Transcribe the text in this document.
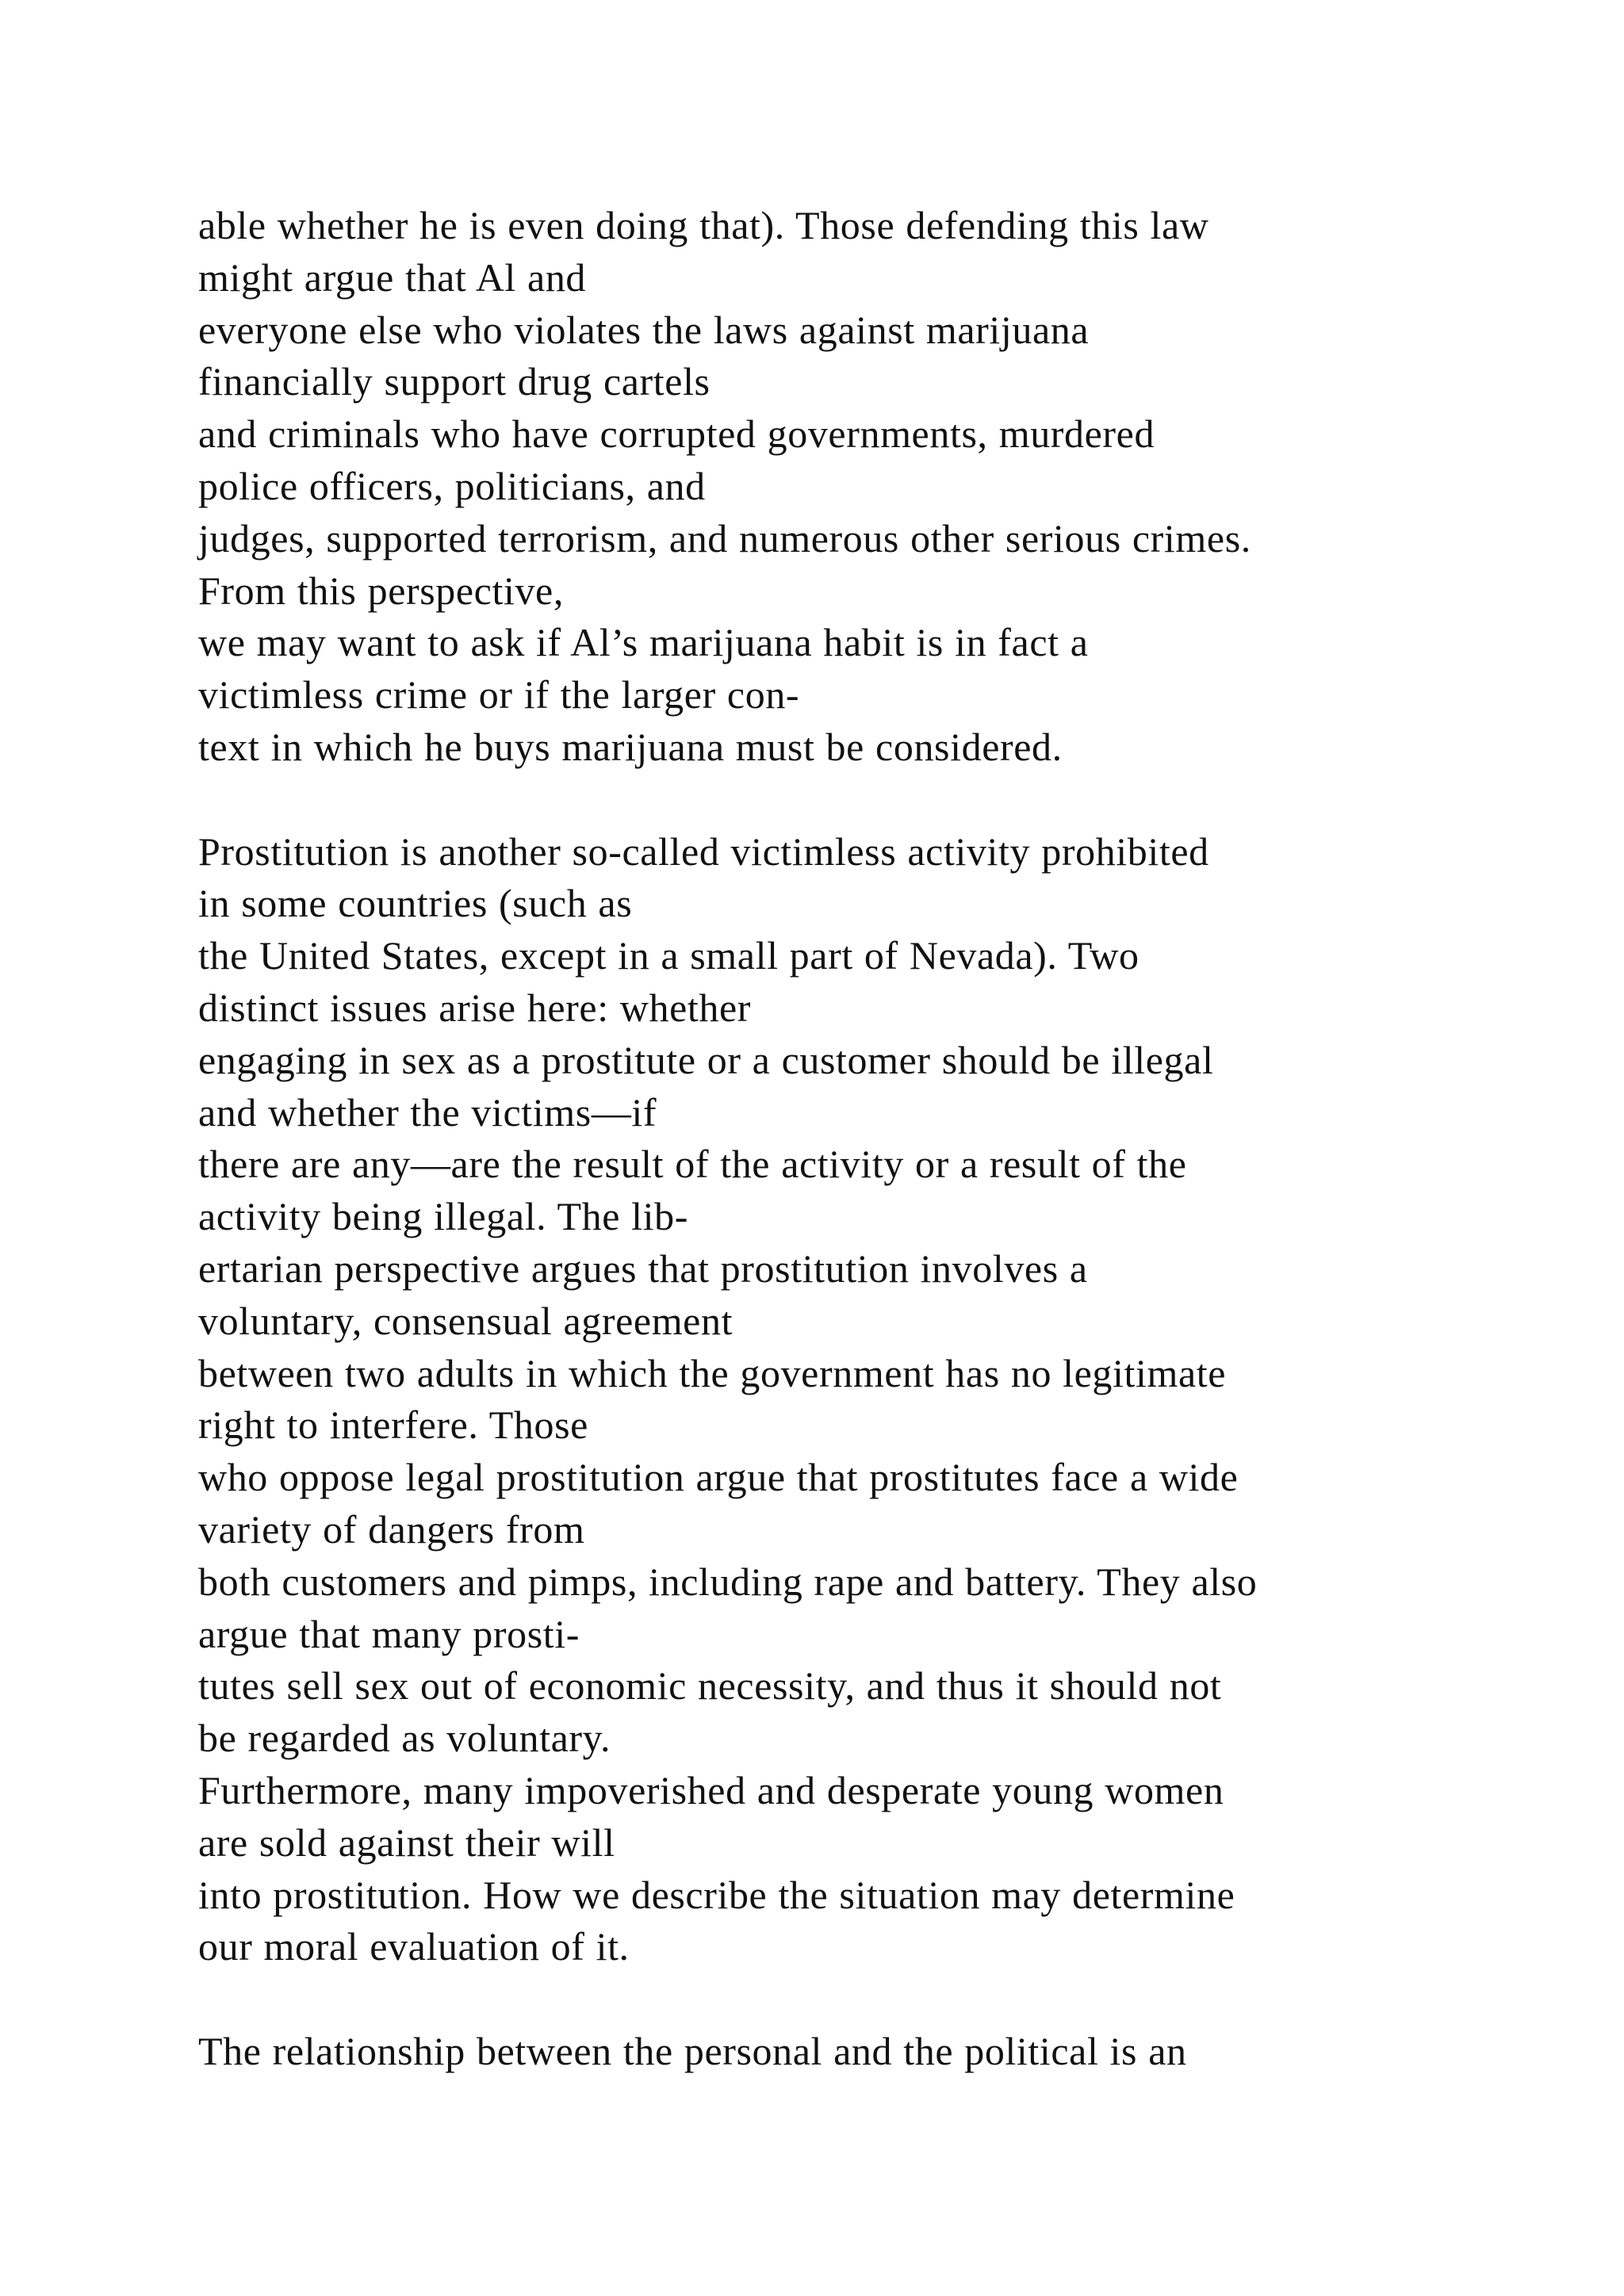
able whether he is even doing that). Those defending this law
might argue that Al and
everyone else who violates the laws against marijuana
financially support drug cartels
and criminals who have corrupted governments, murdered
police officers, politicians, and
judges, supported terrorism, and numerous other serious crimes.
From this perspective,
we may want to ask if Al’s marijuana habit is in fact a
victimless crime or if the larger con-
text in which he buys marijuana must be considered.
Prostitution is another so-called victimless activity prohibited
in some countries (such as
the United States, except in a small part of Nevada). Two
distinct issues arise here: whether
engaging in sex as a prostitute or a customer should be illegal
and whether the victims—if
there are any—are the result of the activity or a result of the
activity being illegal. The lib-
ertarian perspective argues that prostitution involves a
voluntary, consensual agreement
between two adults in which the government has no legitimate
right to interfere. Those
who oppose legal prostitution argue that prostitutes face a wide
variety of dangers from
both customers and pimps, including rape and battery. They also
argue that many prosti-
tutes sell sex out of economic necessity, and thus it should not
be regarded as voluntary.
Furthermore, many impoverished and desperate young women
are sold against their will
into prostitution. How we describe the situation may determine
our moral evaluation of it.
The relationship between the personal and the political is an
